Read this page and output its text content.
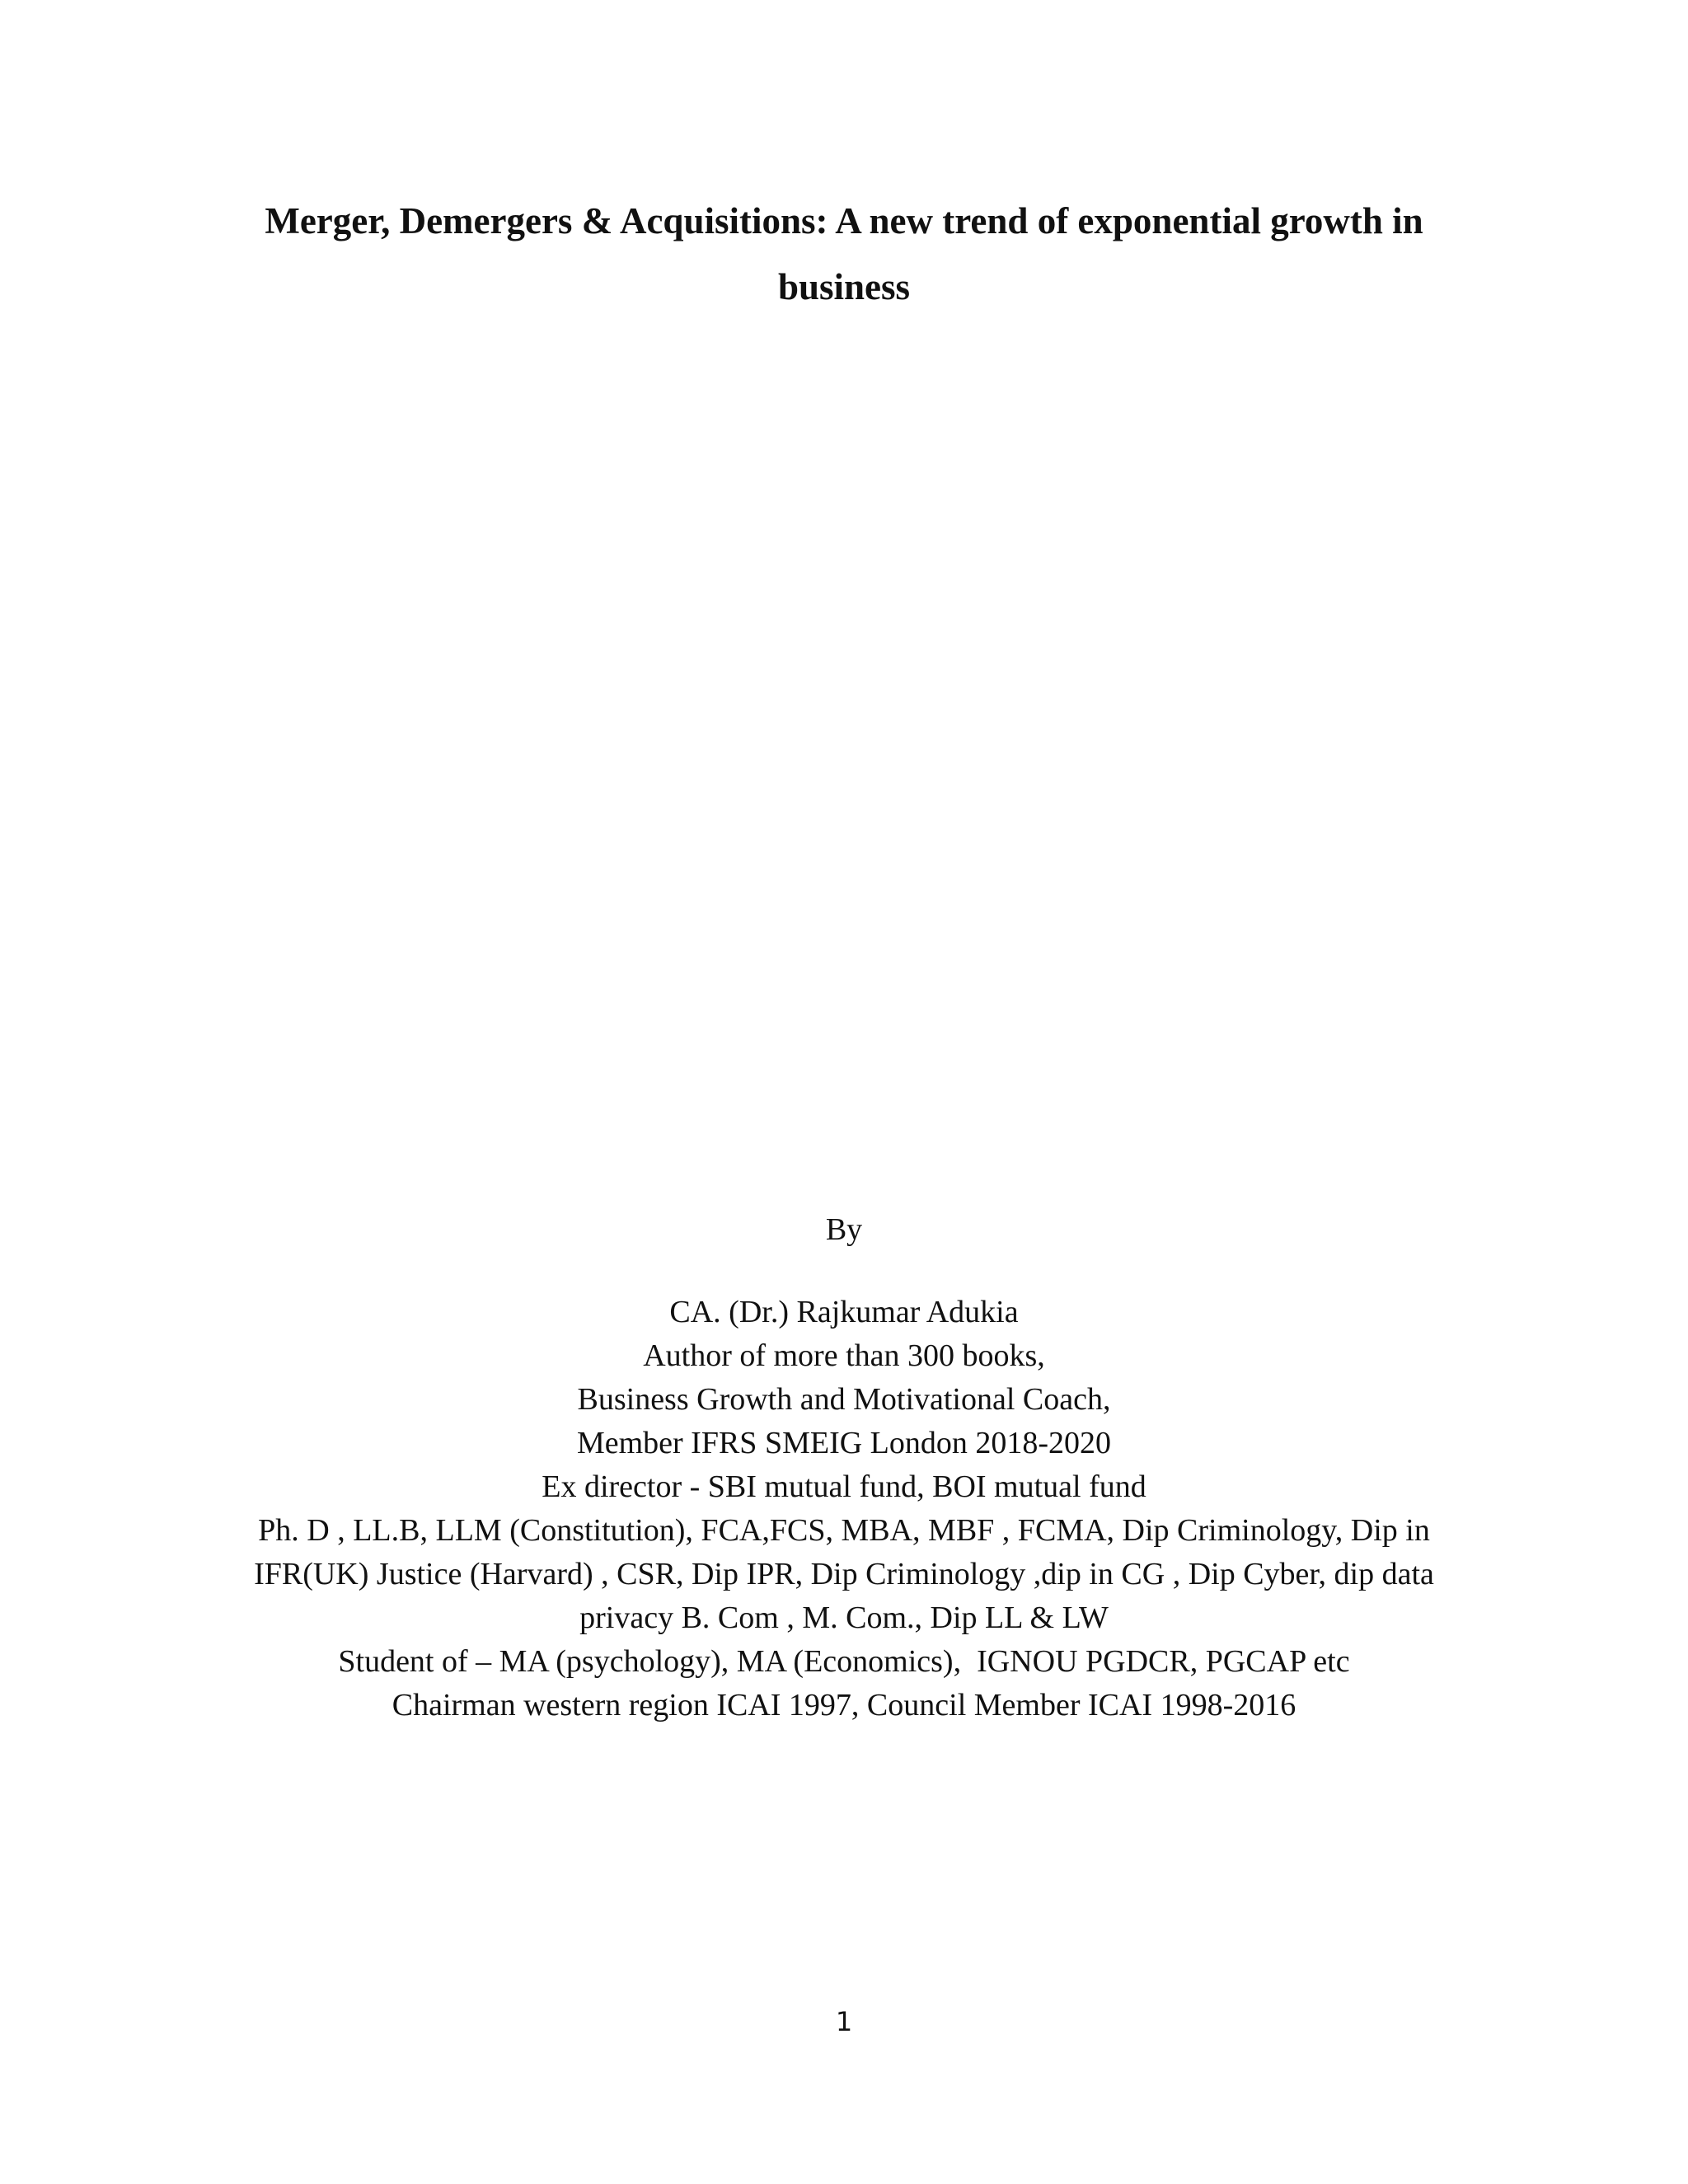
Merger, Demergers & Acquisitions: A new trend of exponential growth in
business

By

CA. (Dr.) Rajkumar Adukia
Author of more than 300 books,
Business Growth and Motivational Coach,
Member IFRS SMEIG London 2018-2020
Ex director - SBI mutual fund, BOI mutual fund
Ph. D , LL.B, LLM (Constitution), FCA,FCS, MBA, MBF , FCMA, Dip Criminology, Dip in
IFR(UK) Justice (Harvard) , CSR, Dip IPR, Dip Criminology ,dip in CG , Dip Cyber, dip data
privacy B. Com , M. Com., Dip LL & LW
Student of – MA (psychology), MA (Economics),  IGNOU PGDCR, PGCAP etc
Chairman western region ICAI 1997, Council Member ICAI 1998-2016
1
